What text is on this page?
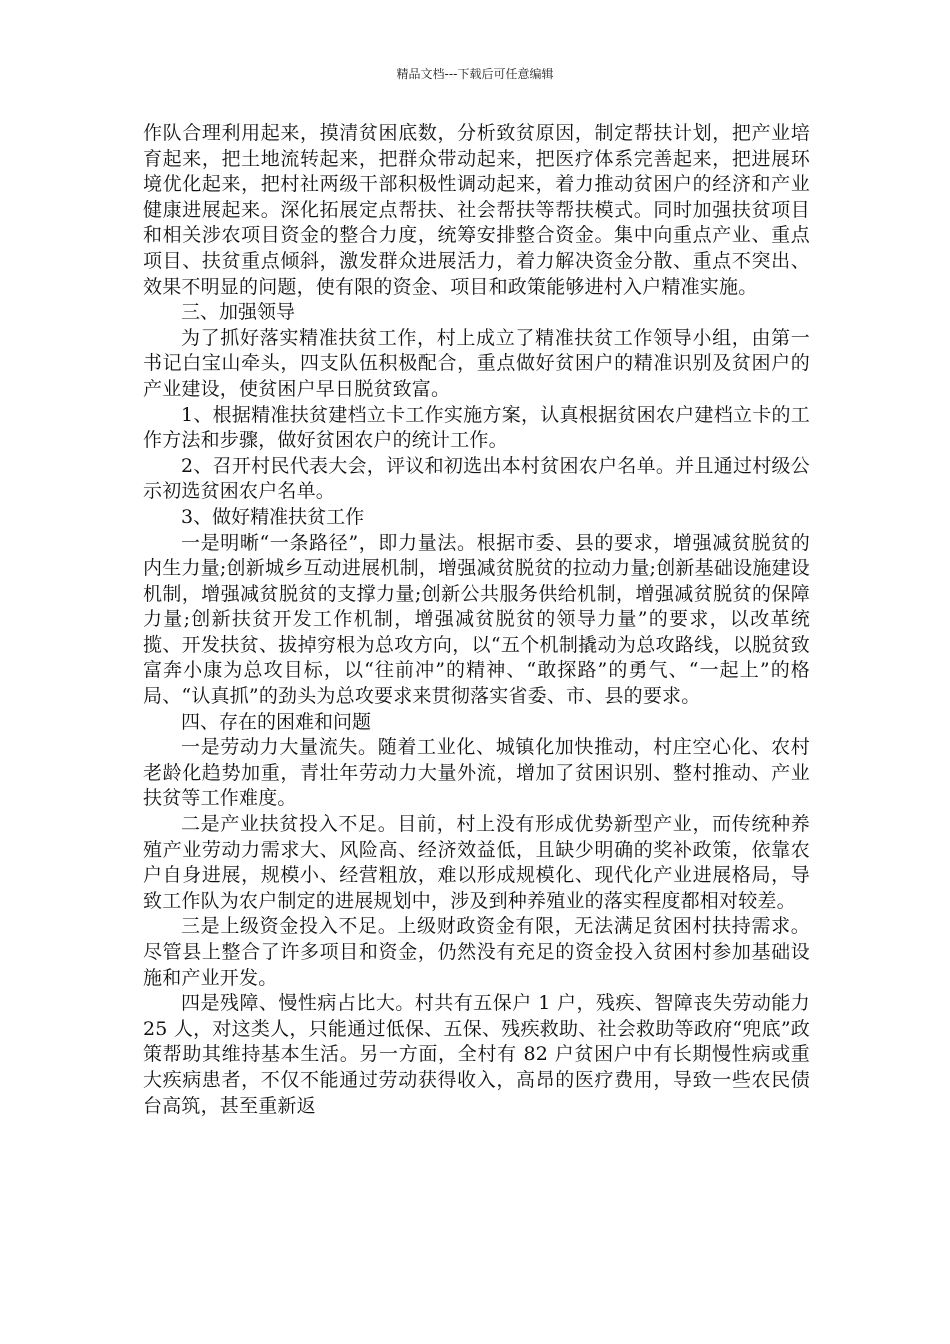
精品文档---下载后可任意编辑

作队合理利用起来，摸清贫困底数，分析致贫原因，制定帮扶计划，把产业培育起来，把土地流转起来，把群众带动起来，把医疗体系完善起来，把进展环境优化起来，把村社两级干部积极性调动起来，着力推动贫困户的经济和产业健康进展起来。深化拓展定点帮扶、社会帮扶等帮扶模式。同时加强扶贫项目和相关涉农项目资金的整合力度，统筹安排整合资金。集中向重点产业、重点项目、扶贫重点倾斜，激发群众进展活力，着力解决资金分散、重点不突出、效果不明显的问题，使有限的资金、项目和政策能够进村入户精准实施。

三、加强领导

为了抓好落实精准扶贫工作，村上成立了精准扶贫工作领导小组，由第一书记白宝山牵头，四支队伍积极配合，重点做好贫困户的精准识别及贫困户的产业建设，使贫困户早日脱贫致富。

1、根据精准扶贫建档立卡工作实施方案，认真根据贫困农户建档立卡的工作方法和步骤，做好贫困农户的统计工作。

2、召开村民代表大会，评议和初选出本村贫困农户名单。并且通过村级公示初选贫困农户名单。

3、做好精准扶贫工作

一是明晰“一条路径”，即力量法。根据市委、县的要求，增强减贫脱贫的内生力量;创新城乡互动进展机制，增强减贫脱贫的拉动力量;创新基础设施建设机制，增强减贫脱贫的支撑力量;创新公共服务供给机制，增强减贫脱贫的保障力量;创新扶贫开发工作机制，增强减贫脱贫的领导力量”的要求，以改革统揽、开发扶贫、拔掉穷根为总攻方向，以“五个机制撬动为总攻路线，以脱贫致富奔小康为总攻目标，以“往前冲”的精神、“敢探路”的勇气、“一起上”的格局、“认真抓”的劲头为总攻要求来贯彻落实省委、市、县的要求。

四、存在的困难和问题

一是劳动力大量流失。随着工业化、城镇化加快推动，村庄空心化、农村老龄化趋势加重，青壮年劳动力大量外流，增加了贫困识别、整村推动、产业扶贫等工作难度。

二是产业扶贫投入不足。目前，村上没有形成优势新型产业，而传统种养殖产业劳动力需求大、风险高、经济效益低，且缺少明确的奖补政策，依靠农户自身进展，规模小、经营粗放，难以形成规模化、现代化产业进展格局，导致工作队为农户制定的进展规划中，涉及到种养殖业的落实程度都相对较差。

三是上级资金投入不足。上级财政资金有限，无法满足贫困村扶持需求。尽管县上整合了许多项目和资金，仍然没有充足的资金投入贫困村参加基础设施和产业开发。

四是残障、慢性病占比大。村共有五保户 1 户，残疾、智障丧失劳动能力 25 人，对这类人，只能通过低保、五保、残疾救助、社会救助等政府“兜底”政策帮助其维持基本生活。另一方面，全村有 82 户贫困户中有长期慢性病或重大疾病患者，不仅不能通过劳动获得收入，高昂的医疗费用，导致一些农民债台高筑，甚至重新返
